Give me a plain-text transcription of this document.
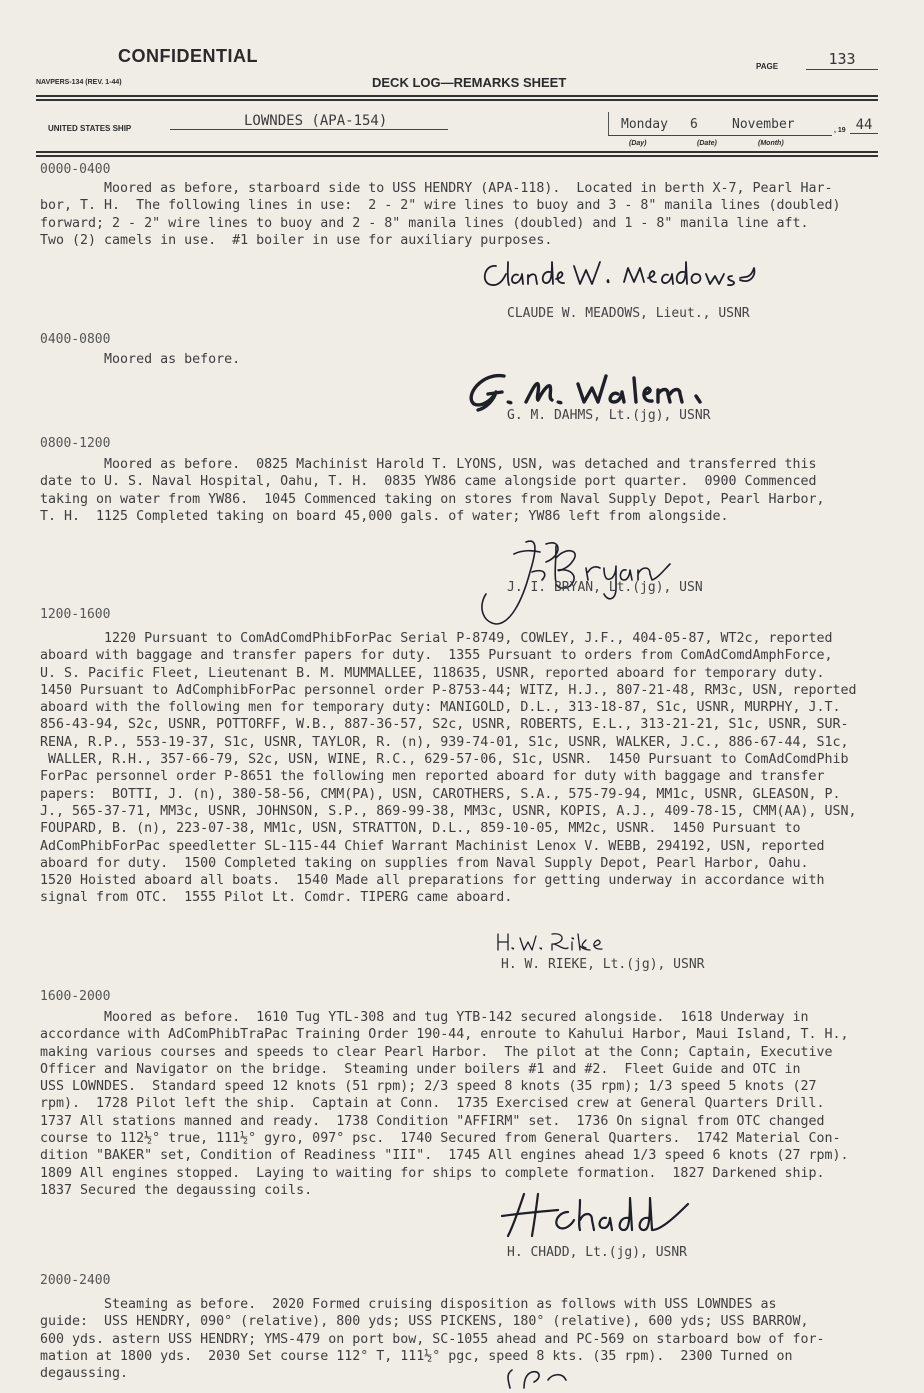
CONFIDENTIAL
NAVPERS-134 (REV. 1-44)	DECK LOG—REMARKS SHEET
PAGE	133
UNITED STATES SHIP	LOWNDES (APA-154)	Monday 6	November
(Day)	(Date)	(Month)
, 19 44
0000-0400
Moored as before, starboard side to USS HENDRY (APA-118).  Located in berth X-7, Pearl Har-
bor, T. H.  The following lines in use:  2 - 2" wire lines to buoy and 3 - 8" manila lines (doubled)
forward; 2 - 2" wire lines to buoy and 2 - 8" manila lines (doubled) and 1 - 8" manila line aft.
Two (2) camels in use.  #1 boiler in use for auxiliary purposes.
CLAUDE W. MEADOWS, Lieut., USNR
0400-0800
Moored as before.
G. M. DAHMS, Lt.(jg), USNR
0800-1200
Moored as before.  0825 Machinist Harold T. LYONS, USN, was detached and transferred this
date to U. S. Naval Hospital, Oahu, T. H.  0835 YW86 came alongside port quarter.  0900 Commenced
taking on water from YW86.  1045 Commenced taking on stores from Naval Supply Depot, Pearl Harbor,
T. H.  1125 Completed taking on board 45,000 gals. of water; YW86 left from alongside.
J. I. BRYAN, Lt.(jg), USN
1200-1600
1220 Pursuant to ComAdComdPhibForPac Serial P-8749, COWLEY, J.F., 404-05-87, WT2c, reported
aboard with baggage and transfer papers for duty.  1355 Pursuant to orders from ComAdComdAmphForce,
U. S. Pacific Fleet, Lieutenant B. M. MUMMALLEE, 118635, USNR, reported aboard for temporary duty.
1450 Pursuant to AdComphibForPac personnel order P-8753-44; WITZ, H.J., 807-21-48, RM3c, USN, reported
aboard with the following men for temporary duty: MANIGOLD, D.L., 313-18-87, S1c, USNR, MURPHY, J.T.
856-43-94, S2c, USNR, POTTORFF, W.B., 887-36-57, S2c, USNR, ROBERTS, E.L., 313-21-21, S1c, USNR, SUR-
RENA, R.P., 553-19-37, S1c, USNR, TAYLOR, R. (n), 939-74-01, S1c, USNR, WALKER, J.C., 886-67-44, S1c,
WALLER, R.H., 357-66-79, S2c, USN, WINE, R.C., 629-57-06, S1c, USNR.  1450 Pursuant to ComAdComdPhib
ForPac personnel order P-8651 the following men reported aboard for duty with baggage and transfer
papers:  BOTTI, J. (n), 380-58-56, CMM(PA), USN, CAROTHERS, S.A., 575-79-94, MM1c, USNR, GLEASON, P.
J., 565-37-71, MM3c, USNR, JOHNSON, S.P., 869-99-38, MM3c, USNR, KOPIS, A.J., 409-78-15, CMM(AA), USN,
FOUPARD, B. (n), 223-07-38, MM1c, USN, STRATTON, D.L., 859-10-05, MM2c, USNR.  1450 Pursuant to
AdComPhibForPac speedletter SL-115-44 Chief Warrant Machinist Lenox V. WEBB, 294192, USN, reported
aboard for duty.  1500 Completed taking on supplies from Naval Supply Depot, Pearl Harbor, Oahu.
1520 Hoisted aboard all boats.  1540 Made all preparations for getting underway in accordance with
signal from OTC.  1555 Pilot Lt. Comdr. TIPERG came aboard.
H. W. RIEKE, Lt.(jg), USNR
1600-2000
Moored as before.  1610 Tug YTL-308 and tug YTB-142 secured alongside.  1618 Underway in
accordance with AdComPhibTraPac Training Order 190-44, enroute to Kahului Harbor, Maui Island, T. H.,
making various courses and speeds to clear Pearl Harbor.  The pilot at the Conn; Captain, Executive
Officer and Navigator on the bridge.  Steaming under boilers #1 and #2.  Fleet Guide and OTC in
USS LOWNDES.  Standard speed 12 knots (51 rpm); 2/3 speed 8 knots (35 rpm); 1/3 speed 5 knots (27
rpm).  1728 Pilot left the ship.  Captain at Conn.  1735 Exercised crew at General Quarters Drill.
1737 All stations manned and ready.  1738 Condition "AFFIRM" set.  1736 On signal from OTC changed
course to 112½° true, 111½° gyro, 097° psc.  1740 Secured from General Quarters.  1742 Material Con-
dition "BAKER" set, Condition of Readiness "III".  1745 All engines ahead 1/3 speed 6 knots (27 rpm).
1809 All engines stopped.  Laying to waiting for ships to complete formation.  1827 Darkened ship.
1837 Secured the degaussing coils.
H. CHADD, Lt.(jg), USNR
2000-2400
Steaming as before.  2020 Formed cruising disposition as follows with USS LOWNDES as
guide:  USS HENDRY, 090° (relative), 800 yds; USS PICKENS, 180° (relative), 600 yds; USS BARROW,
600 yds. astern USS HENDRY; YMS-479 on port bow, SC-1055 ahead and PC-569 on starboard bow of for-
mation at 1800 yds.  2030 Set course 112° T, 111½° pgc, speed 8 kts. (35 rpm).  2300 Turned on
degaussing.
